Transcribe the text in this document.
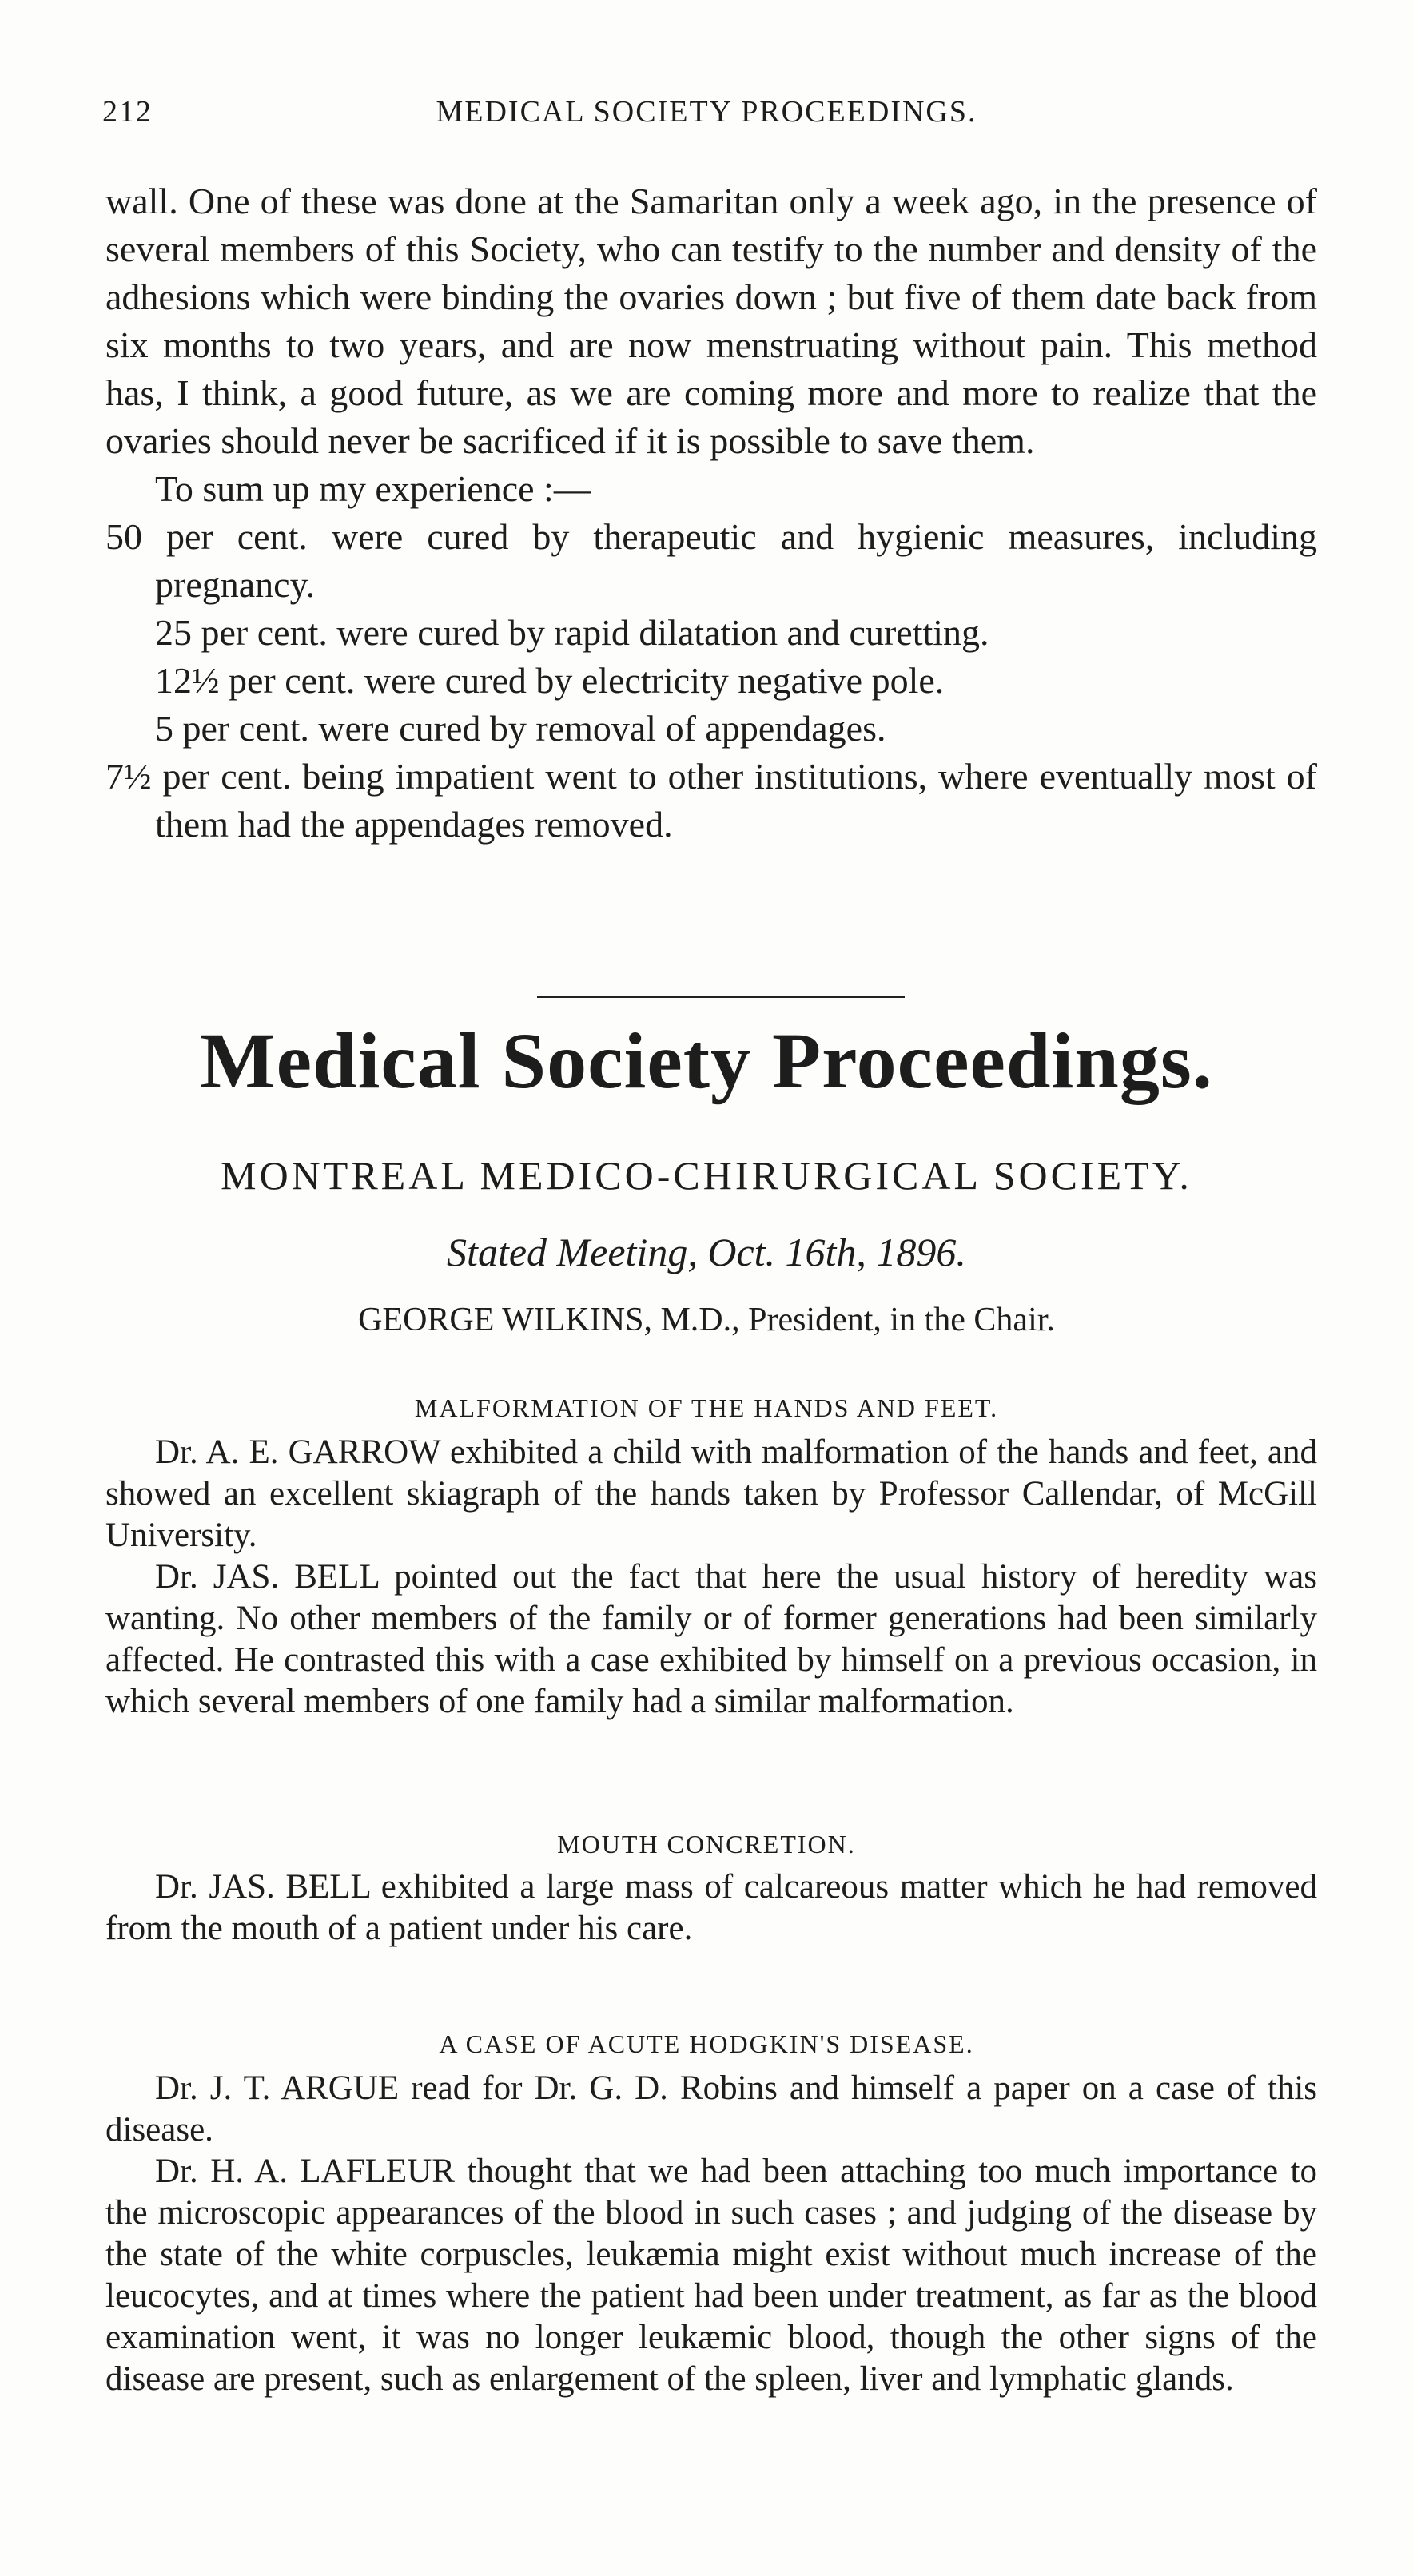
212	MEDICAL SOCIETY PROCEEDINGS.

wall. One of these was done at the Samaritan only a week ago, in the presence of several members of this Society, who can testify to the number and density of the adhesions which were binding the ovaries down ; but five of them date back from six months to two years, and are now menstruating without pain. This method has, I think, a good future, as we are coming more and more to realize that the ovaries should never be sacrificed if it is possible to save them.

To sum up my experience :—

50 per cent. were cured by therapeutic and hygienic measures, including pregnancy.

25 per cent. were cured by rapid dilatation and curetting.

12½ per cent. were cured by electricity negative pole.

5 per cent. were cured by removal of appendages.

7½ per cent. being impatient went to other institutions, where eventually most of them had the appendages removed.

Medical Society Proceedings.
MONTREAL MEDICO-CHIRURGICAL SOCIETY.
Stated Meeting, Oct. 16th, 1896.
GEORGE WILKINS, M.D., President, in the Chair.
MALFORMATION OF THE HANDS AND FEET.

Dr. A. E. GARROW exhibited a child with malformation of the hands and feet, and showed an excellent skiagraph of the hands taken by Professor Callendar, of McGill University.

Dr. JAS. BELL pointed out the fact that here the usual history of heredity was wanting. No other members of the family or of former generations had been similarly affected. He contrasted this with a case exhibited by himself on a previous occasion, in which several members of one family had a similar malformation.

MOUTH CONCRETION.

Dr. JAS. BELL exhibited a large mass of calcareous matter which he had removed from the mouth of a patient under his care.

A CASE OF ACUTE HODGKIN'S DISEASE.

Dr. J. T. ARGUE read for Dr. G. D. Robins and himself a paper on a case of this disease.

Dr. H. A. LAFLEUR thought that we had been attaching too much importance to the microscopic appearances of the blood in such cases ; and judging of the disease by the state of the white corpuscles, leukæmia might exist without much increase of the leucocytes, and at times where the patient had been under treatment, as far as the blood examination went, it was no longer leukæmic blood, though the other signs of the disease are present, such as enlargement of the spleen, liver and lymphatic glands.
